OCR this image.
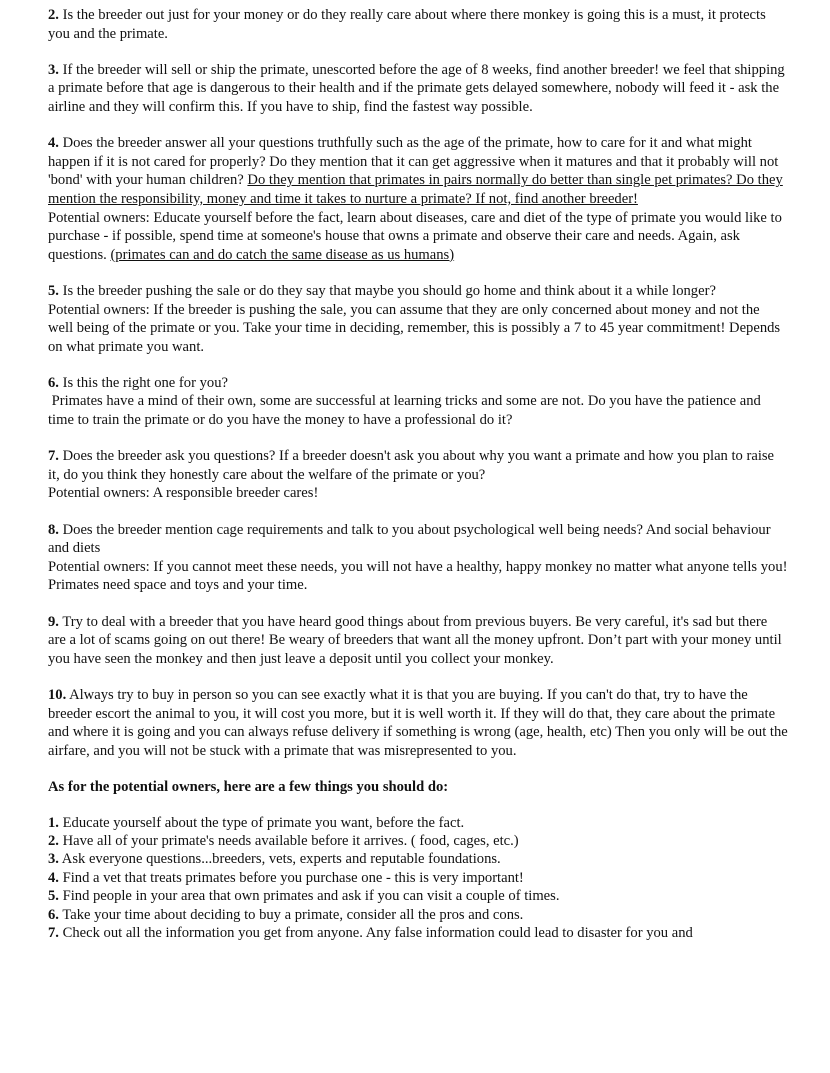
2. Is the breeder out just for your money or do they really care about where there monkey is going this is a must, it protects you and the primate.

3. If the breeder will sell or ship the primate, unescorted before the age of 8 weeks, find another breeder! we feel that shipping a primate before that age is dangerous to their health and if the primate gets delayed somewhere, nobody will feed it - ask the airline and they will confirm this. If you have to ship, find the fastest way possible.

4. Does the breeder answer all your questions truthfully such as the age of the primate, how to care for it and what might happen if it is not cared for properly? Do they mention that it can get aggressive when it matures and that it probably will not 'bond' with your human children? Do they mention that primates in pairs normally do better than single pet primates? Do they mention the responsibility, money and time it takes to nurture a primate? If not, find another breeder!

Potential owners: Educate yourself before the fact, learn about diseases, care and diet of the type of primate you would like to purchase - if possible, spend time at someone's house that owns a primate and observe their care and needs. Again, ask questions. (primates can and do catch the same disease as us humans)

5. Is the breeder pushing the sale or do they say that maybe you should go home and think about it a while longer?

Potential owners: If the breeder is pushing the sale, you can assume that they are only concerned about money and not the well being of the primate or you. Take your time in deciding, remember, this is possibly a 7 to 45 year commitment! Depends on what primate you want.

6. Is this the right one for you?

Primates have a mind of their own, some are successful at learning tricks and some are not. Do you have the patience and time to train the primate or do you have the money to have a professional do it?

7. Does the breeder ask you questions? If a breeder doesn't ask you about why you want a primate and how you plan to raise it, do you think they honestly care about the welfare of the primate or you?

Potential owners: A responsible breeder cares!

8. Does the breeder mention cage requirements and talk to you about psychological well being needs? And social behaviour and diets

Potential owners: If you cannot meet these needs, you will not have a healthy, happy monkey no matter what anyone tells you! Primates need space and toys and your time.

9. Try to deal with a breeder that you have heard good things about from previous buyers. Be very careful, it's sad but there are a lot of scams going on out there! Be weary of breeders that want all the money upfront. Don’t part with your money until you have seen the monkey and then just leave a deposit until you collect your monkey.

10. Always try to buy in person so you can see exactly what it is that you are buying. If you can't do that, try to have the breeder escort the animal to you, it will cost you more, but it is well worth it. If they will do that, they care about the primate and where it is going and you can always refuse delivery if something is wrong (age, health, etc) Then you only will be out the airfare, and you will not be stuck with a primate that was misrepresented to you.

As for the potential owners, here are a few things you should do:

1. Educate yourself about the type of primate you want, before the fact.

2. Have all of your primate's needs available before it arrives. ( food, cages, etc.)

3. Ask everyone questions...breeders, vets, experts and reputable foundations.

4. Find a vet that treats primates before you purchase one - this is very important!

5. Find people in your area that own primates and ask if you can visit a couple of times.

6. Take your time about deciding to buy a primate, consider all the pros and cons.

7. Check out all the information you get from anyone. Any false information could lead to disaster for you and
